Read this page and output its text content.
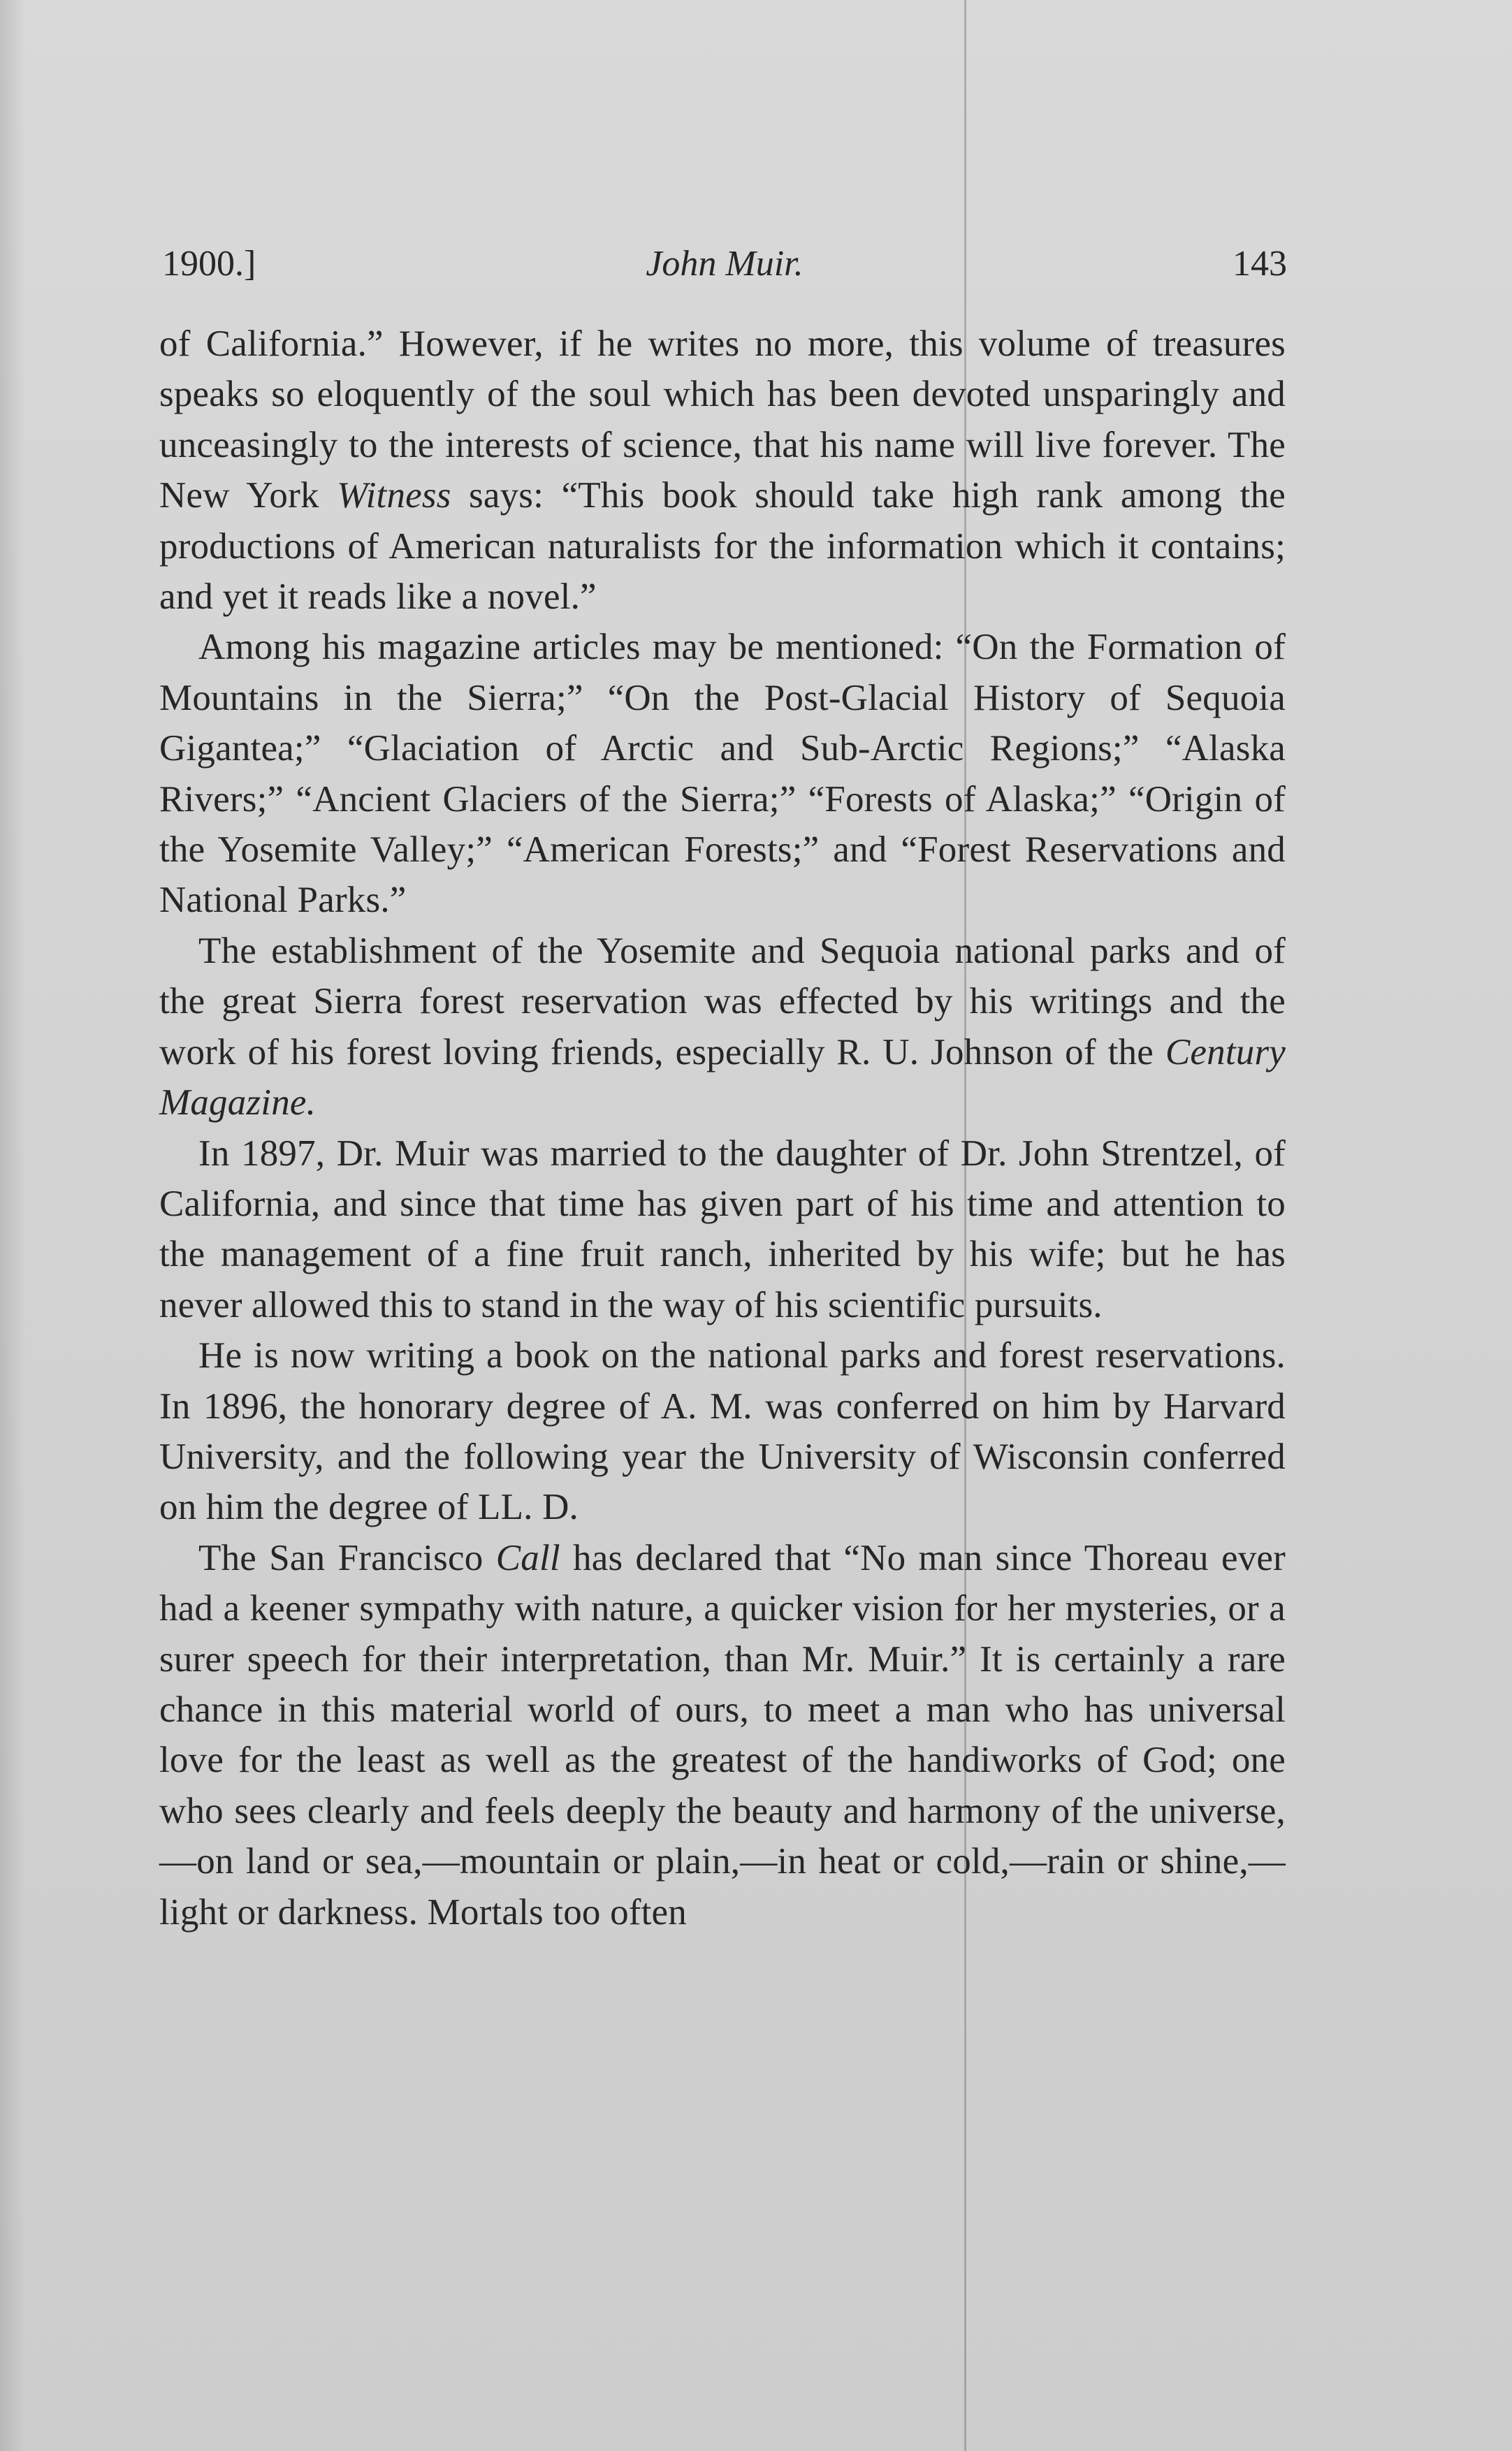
1900.]	John Muir.	143

of California.” However, if he writes no more, this volume of treasures speaks so eloquently of the soul which has been devoted unsparingly and unceasingly to the interests of science, that his name will live forever. The New York Witness says: “This book should take high rank among the productions of American naturalists for the information which it contains; and yet it reads like a novel.”

Among his magazine articles may be mentioned: “On the Formation of Mountains in the Sierra;” “On the Post-Glacial History of Sequoia Gigantea;” “Glaciation of Arctic and Sub-Arctic Regions;” “Alaska Rivers;” “Ancient Glaciers of the Sierra;” “Forests of Alaska;” “Origin of the Yosemite Valley;” “American Forests;” and “Forest Reservations and National Parks.”

The establishment of the Yosemite and Sequoia national parks and of the great Sierra forest reservation was effected by his writings and the work of his forest loving friends, especially R. U. Johnson of the Century Magazine.

In 1897, Dr. Muir was married to the daughter of Dr. John Strentzel, of California, and since that time has given part of his time and attention to the management of a fine fruit ranch, inherited by his wife; but he has never allowed this to stand in the way of his scientific pursuits.

He is now writing a book on the national parks and forest reservations. In 1896, the honorary degree of A. M. was conferred on him by Harvard University, and the following year the University of Wisconsin conferred on him the degree of LL. D.

The San Francisco Call has declared that “No man since Thoreau ever had a keener sympathy with nature, a quicker vision for her mysteries, or a surer speech for their interpretation, than Mr. Muir.” It is certainly a rare chance in this material world of ours, to meet a man who has universal love for the least as well as the greatest of the handiworks of God; one who sees clearly and feels deeply the beauty and harmony of the universe,—on land or sea,—mountain or plain,—in heat or cold,—rain or shine,—light or darkness. Mortals too often
